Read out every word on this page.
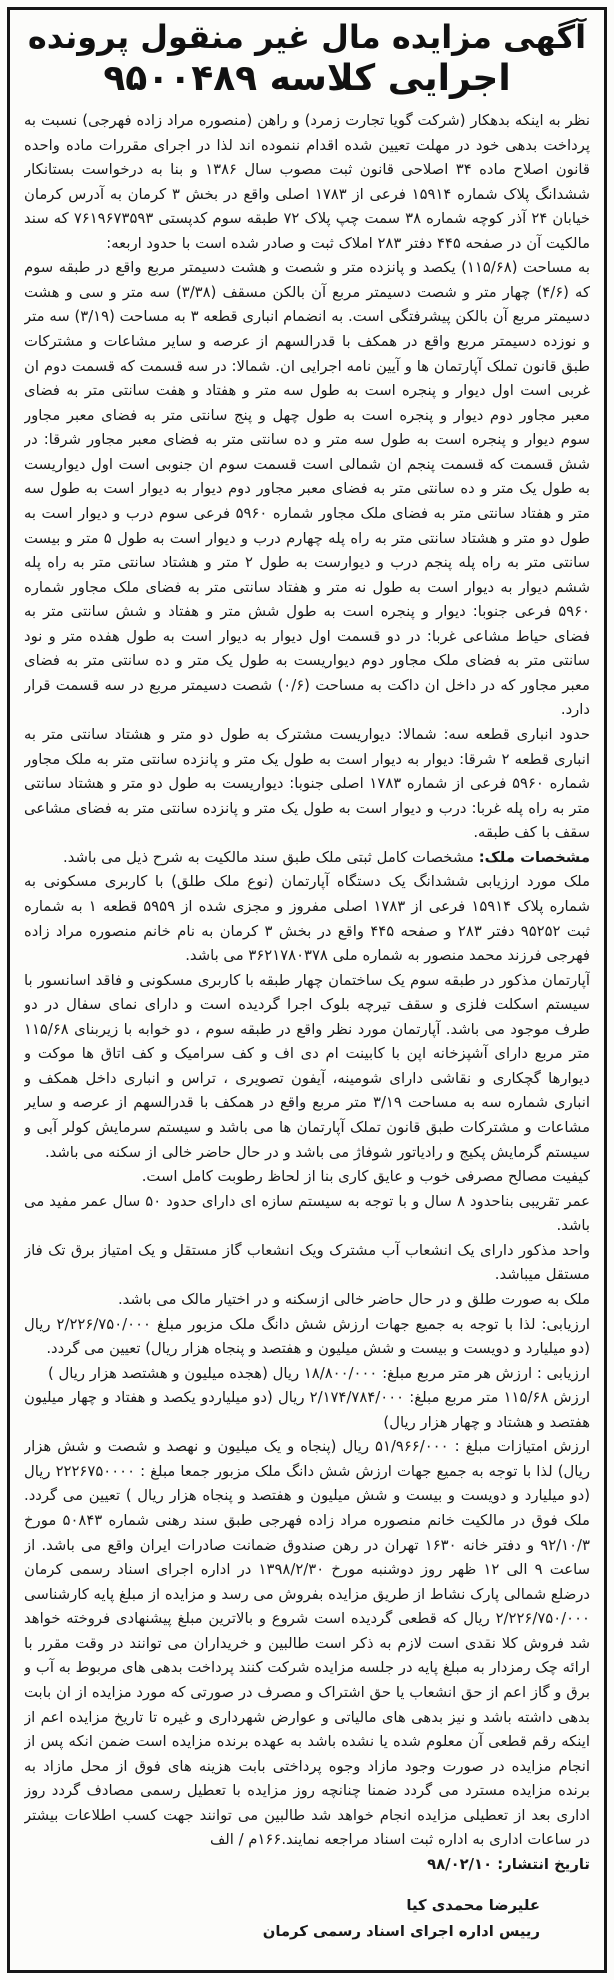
آگهی مزایده مال غیر منقول پرونده
اجرایی کلاسه ۹۵۰۰۴۸۹

نظر به اینکه بدهکار (شرکت گویا تجارت زمرد) و راهن (منصوره مراد زاده فهرجی) نسبت به پرداخت بدهی خود در مهلت تعیین شده اقدام ننموده اند لذا در اجرای مقررات ماده واحده قانون اصلاح ماده ۳۴ اصلاحی قانون ثبت مصوب سال ۱۳۸۶ و بنا به درخواست بستانکار ششدانگ پلاک شماره ۱۵۹۱۴ فرعی از ۱۷۸۳ اصلی واقع در بخش ۳ کرمان به آدرس کرمان خیابان ۲۴ آذر کوچه شماره ۳۸ سمت چپ پلاک ۷۲ طبقه سوم کدپستی ۷۶۱۹۶۷۳۵۹۳ که سند مالکیت آن در صفحه ۴۴۵ دفتر ۲۸۳ املاک ثبت و صادر شده است با حدود اربعه:

به مساحت (۱۱۵/۶۸) یکصد و پانزده متر و شصت و هشت دسیمتر مربع واقع در طبقه سوم که (۴/۶) چهار متر و شصت دسیمتر مربع آن بالکن مسقف (۳/۳۸) سه متر و سی و هشت دسیمتر مربع آن بالکن پیشرفتگی است. به انضمام انباری قطعه ۳ به مساحت (۳/۱۹) سه متر و نوزده دسیمتر مربع واقع در همکف با قدرالسهم از عرصه و سایر مشاعات و مشترکات طبق قانون تملک آپارتمان ها و آیین نامه اجرایی ان. شمالا: در سه قسمت که قسمت دوم ان غربی است اول دیوار و پنجره است به طول سه متر و هفتاد و هفت سانتی متر به فضای معبر مجاور دوم دیوار و پنجره است به طول چهل و پنج سانتی متر به فضای معبر مجاور سوم دیوار و پنجره است به طول سه متر و ده سانتی متر به فضای معبر مجاور شرقا: در شش قسمت که قسمت پنجم ان شمالی است قسمت سوم ان جنوبی است اول دیواریست به طول یک متر و ده سانتی متر به فضای معبر مجاور دوم دیوار به دیوار است به طول سه متر و هفتاد سانتی متر به فضای ملک مجاور شماره ۵۹۶۰ فرعی سوم درب و دیوار است به طول دو متر و هشتاد سانتی متر به راه پله چهارم درب و دیوار است به طول ۵ متر و بیست سانتی متر به راه پله پنجم درب و دیوارست به طول ۲ متر و هشتاد سانتی متر به راه پله ششم دیوار به دیوار است به طول نه متر و هفتاد سانتی متر به فضای ملک مجاور شماره ۵۹۶۰ فرعی جنوبا: دیوار و پنجره است به طول شش متر و هفتاد و شش سانتی متر به فضای حیاط مشاعی غربا: در دو قسمت اول دیوار به دیوار است به طول هفده متر و نود سانتی متر به فضای ملک مجاور دوم دیواریست به طول یک متر و ده سانتی متر به فضای معبر مجاور که در داخل ان داکت به مساحت (۰/۶) شصت دسیمتر مربع در سه قسمت قرار دارد.

حدود انباری قطعه سه: شمالا: دیواریست مشترک به طول دو متر و هشتاد سانتی متر به انباری قطعه ۲ شرقا: دیوار به دیوار است به طول یک متر و پانزده سانتی متر به ملک مجاور شماره ۵۹۶۰ فرعی از شماره ۱۷۸۳ اصلی جنوبا: دیواریست به طول دو متر و هشتاد سانتی متر به راه پله غربا: درب و دیوار است به طول یک متر و پانزده سانتی متر به فضای مشاعی سقف با کف طبقه.

مشخصات ملک: مشخصات کامل ثبتی ملک طبق سند مالکیت به شرح ذیل می باشد.

ملک مورد ارزیابی ششدانگ یک دستگاه آپارتمان (نوع ملک طلق) با کاربری مسکونی به شماره پلاک ۱۵۹۱۴ فرعی از ۱۷۸۳ اصلی مفروز و مجزی شده از ۵۹۵۹ قطعه ۱ به شماره ثبت ۹۵۲۵۲ دفتر ۲۸۳ و صفحه ۴۴۵ واقع در بخش ۳ کرمان به نام خانم منصوره مراد زاده فهرجی فرزند محمد منصور به شماره ملی ۳۶۲۱۷۸۰۳۷۸ می باشد.

آپارتمان مذکور در طبقه سوم یک ساختمان چهار طبقه با کاربری مسکونی و فاقد اسانسور با سیستم اسکلت فلزی و سقف تیرچه بلوک اجرا گردیده است و دارای نمای سفال در دو طرف موجود می باشد. آپارتمان مورد نظر واقع در طبقه سوم ، دو خوابه با زیربنای ۱۱۵/۶۸ متر مربع دارای آشپزخانه اپن با کابینت ام دی اف و کف سرامیک و کف اتاق ها موکت و دیوارها گچکاری و نقاشی دارای شومینه، آیفون تصویری ، تراس و انباری داخل همکف و انباری شماره سه به مساحت ۳/۱۹ متر مربع واقع در همکف با قدرالسهم از عرصه و سایر مشاعات و مشترکات طبق قانون تملک آپارتمان ها می باشد و سیستم سرمایش کولر آبی و سیستم گرمایش پکیج و رادیاتور شوفاژ می باشد و در حال حاضر خالی از سکنه می باشد.

کیفیت مصالح مصرفی خوب و عایق کاری بنا از لحاظ رطوبت کامل است.

عمر تقریبی بناحدود ۸ سال و با توجه به سیستم سازه ای دارای حدود ۵۰ سال عمر مفید می باشد.

واحد مذکور دارای یک انشعاب آب مشترک ویک انشعاب گاز مستقل و یک امتیاز برق تک فاز مستقل میباشد.

ملک به صورت طلق و در حال حاضر خالی ازسکنه و در اختیار مالک می باشد.

ارزیابی: لذا با توجه به جمیع جهات ارزش شش دانگ ملک مزبور مبلغ ۲/۲۲۶/۷۵۰/۰۰۰ ریال (دو میلیارد و دویست و بیست و شش میلیون و هفتصد و پنجاه هزار ریال) تعیین می گردد.

ارزیابی : ارزش هر متر مربع مبلغ: ۱۸/۸۰۰/۰۰۰ ریال (هجده میلیون و هشتصد هزار ریال )

ارزش ۱۱۵/۶۸ متر مربع مبلغ: ۲/۱۷۴/۷۸۴/۰۰۰ ریال (دو میلیاردو یکصد و هفتاد و چهار میلیون هفتصد و هشتاد و چهار هزار ریال)

ارزش امتیازات مبلغ : ۵۱/۹۶۶/۰۰۰ ریال (پنجاه و یک میلیون و نهصد و شصت و شش هزار ریال) لذا با توجه به جمیع جهات ارزش شش دانگ ملک مزبور جمعا مبلغ : ۲۲۲۶۷۵۰۰۰۰ ریال (دو میلیارد و دویست و بیست و شش میلیون و هفتصد و پنجاه هزار ریال ) تعیین می گردد. ملک فوق در مالکیت خانم منصوره مراد زاده فهرجی طبق سند رهنی شماره ۵۰۸۴۳ مورخ ۹۲/۱۰/۳ و دفتر خانه ۱۶۳۰ تهران در رهن صندوق ضمانت صادرات ایران واقع می باشد. از ساعت ۹ الی ۱۲ ظهر روز دوشنبه مورخ ۱۳۹۸/۲/۳۰ در اداره اجرای اسناد رسمی کرمان درضلع شمالی پارک نشاط از طریق مزایده بفروش می رسد و مزایده از مبلغ پایه کارشناسی ۲/۲۲۶/۷۵۰/۰۰۰ ریال که قطعی گردیده است شروع و بالاترین مبلغ پیشنهادی فروخته خواهد شد فروش کلا نقدی است لازم به ذکر است طالبین و خریداران می توانند در وقت مقرر با ارائه چک رمزدار به مبلغ پایه در جلسه مزایده شرکت کنند پرداخت بدهی های مربوط به آب و برق و گاز اعم از حق انشعاب یا حق اشتراک و مصرف در صورتی که مورد مزایده از ان بابت بدهی داشته باشد و نیز بدهی های مالیاتی و عوارض شهرداری و غیره تا تاریخ مزایده اعم از اینکه رقم قطعی آن معلوم شده یا نشده باشد به عهده برنده مزایده است ضمن انکه پس از انجام مزایده در صورت وجود مازاد وجوه پرداختی بابت هزینه های فوق از محل مازاد به برنده مزایده مسترد می گردد ضمنا چنانچه روز مزایده با تعطیل رسمی مصادف گردد روز اداری بعد از تعطیلی مزایده انجام خواهد شد طالبین می توانند جهت کسب اطلاعات بیشتر در ساعات اداری به اداره ثبت اسناد مراجعه نمایند.۱۶۶م / الف

تاریخ انتشار: ۹۸/۰۲/۱۰

علیرضا محمدی کیا
رییس اداره اجرای اسناد رسمی کرمان
